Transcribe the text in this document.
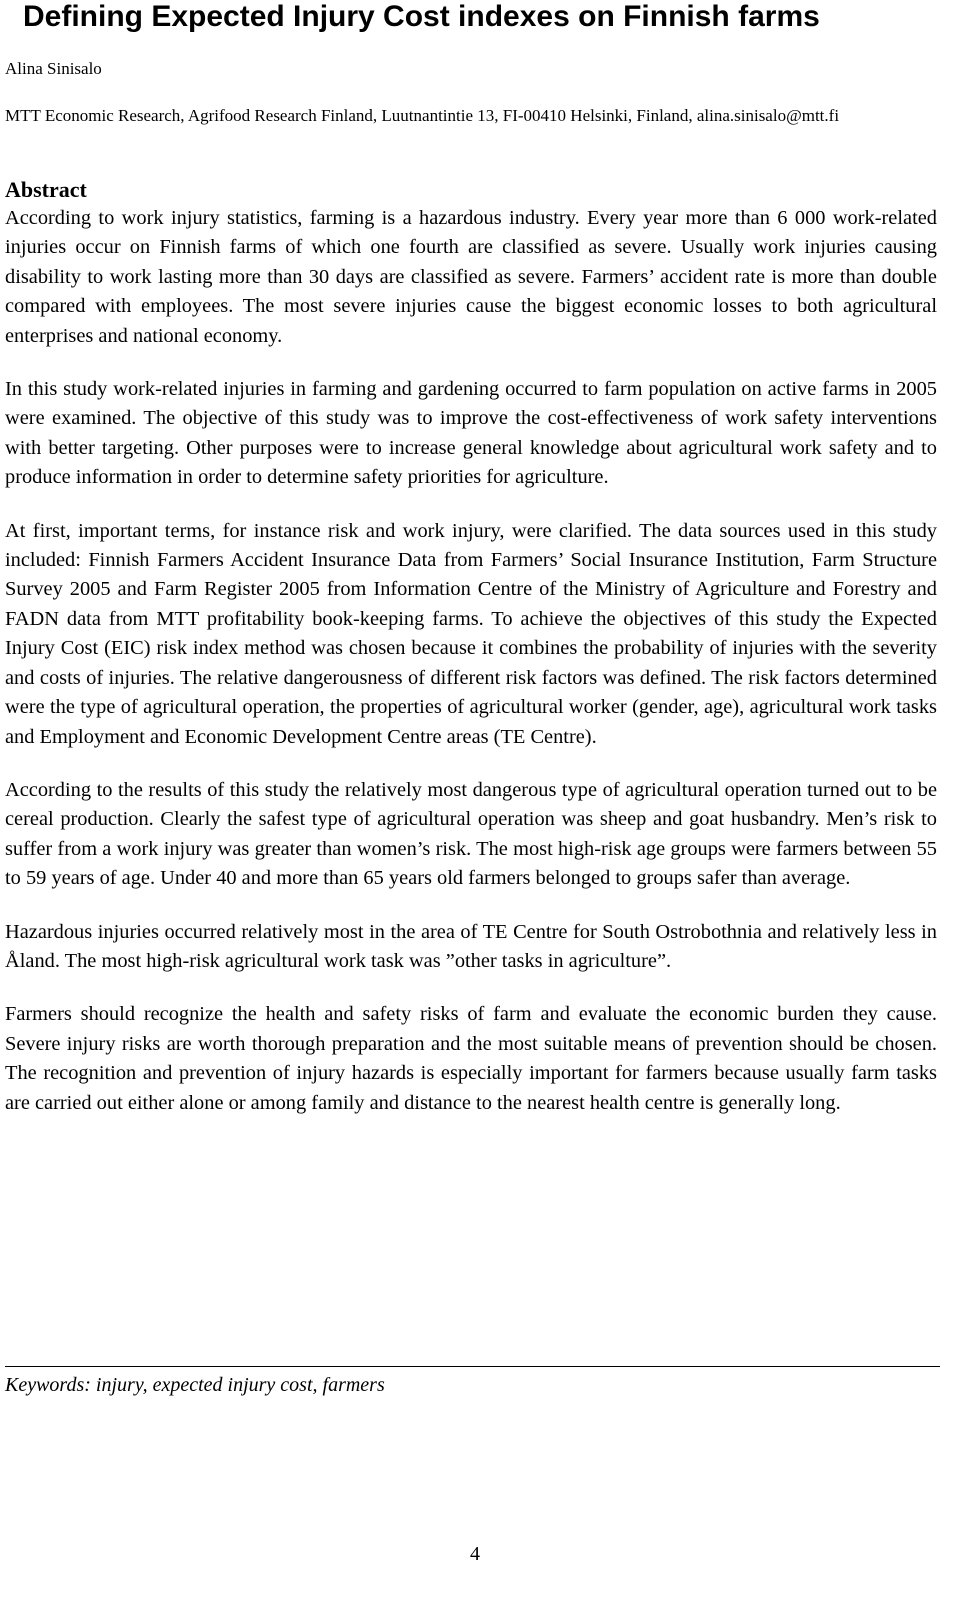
Defining Expected Injury Cost indexes on Finnish farms
Alina Sinisalo
MTT Economic Research, Agrifood Research Finland, Luutnantintie 13, FI-00410 Helsinki, Finland, alina.sinisalo@mtt.fi
Abstract

According to work injury statistics, farming is a hazardous industry. Every year more than 6 000 work-related injuries occur on Finnish farms of which one fourth are classified as severe. Usually work injuries causing disability to work lasting more than 30 days are classified as severe. Farmers’ accident rate is more than double compared with employees. The most severe injuries cause the biggest economic losses to both agricultural enterprises and national economy.

In this study work-related injuries in farming and gardening occurred to farm population on active farms in 2005 were examined. The objective of this study was to improve the cost-effectiveness of work safety interventions with better targeting. Other purposes were to increase general knowledge about agricultural work safety and to produce information in order to determine safety priorities for agriculture.

At first, important terms, for instance risk and work injury, were clarified. The data sources used in this study included: Finnish Farmers Accident Insurance Data from Farmers’ Social Insurance Institution, Farm Structure Survey 2005 and Farm Register 2005 from Information Centre of the Ministry of Agriculture and Forestry and FADN data from MTT profitability book-keeping farms. To achieve the objectives of this study the Expected Injury Cost (EIC) risk index method was chosen because it combines the probability of injuries with the severity and costs of injuries. The relative dangerousness of different risk factors was defined. The risk factors determined were the type of agricultural operation, the properties of agricultural worker (gender, age), agricultural work tasks and Employment and Economic Development Centre areas (TE Centre).

According to the results of this study the relatively most dangerous type of agricultural operation turned out to be cereal production. Clearly the safest type of agricultural operation was sheep and goat husbandry. Men’s risk to suffer from a work injury was greater than women’s risk. The most high-risk age groups were farmers between 55 to 59 years of age. Under 40 and more than 65 years old farmers belonged to groups safer than average.

Hazardous injuries occurred relatively most in the area of TE Centre for South Ostrobothnia and relatively less in Åland. The most high-risk agricultural work task was ”other tasks in agriculture”.

Farmers should recognize the health and safety risks of farm and evaluate the economic burden they cause. Severe injury risks are worth thorough preparation and the most suitable means of prevention should be chosen. The recognition and prevention of injury hazards is especially important for farmers because usually farm tasks are carried out either alone or among family and distance to the nearest health centre is generally long.

Keywords: injury, expected injury cost, farmers
4
